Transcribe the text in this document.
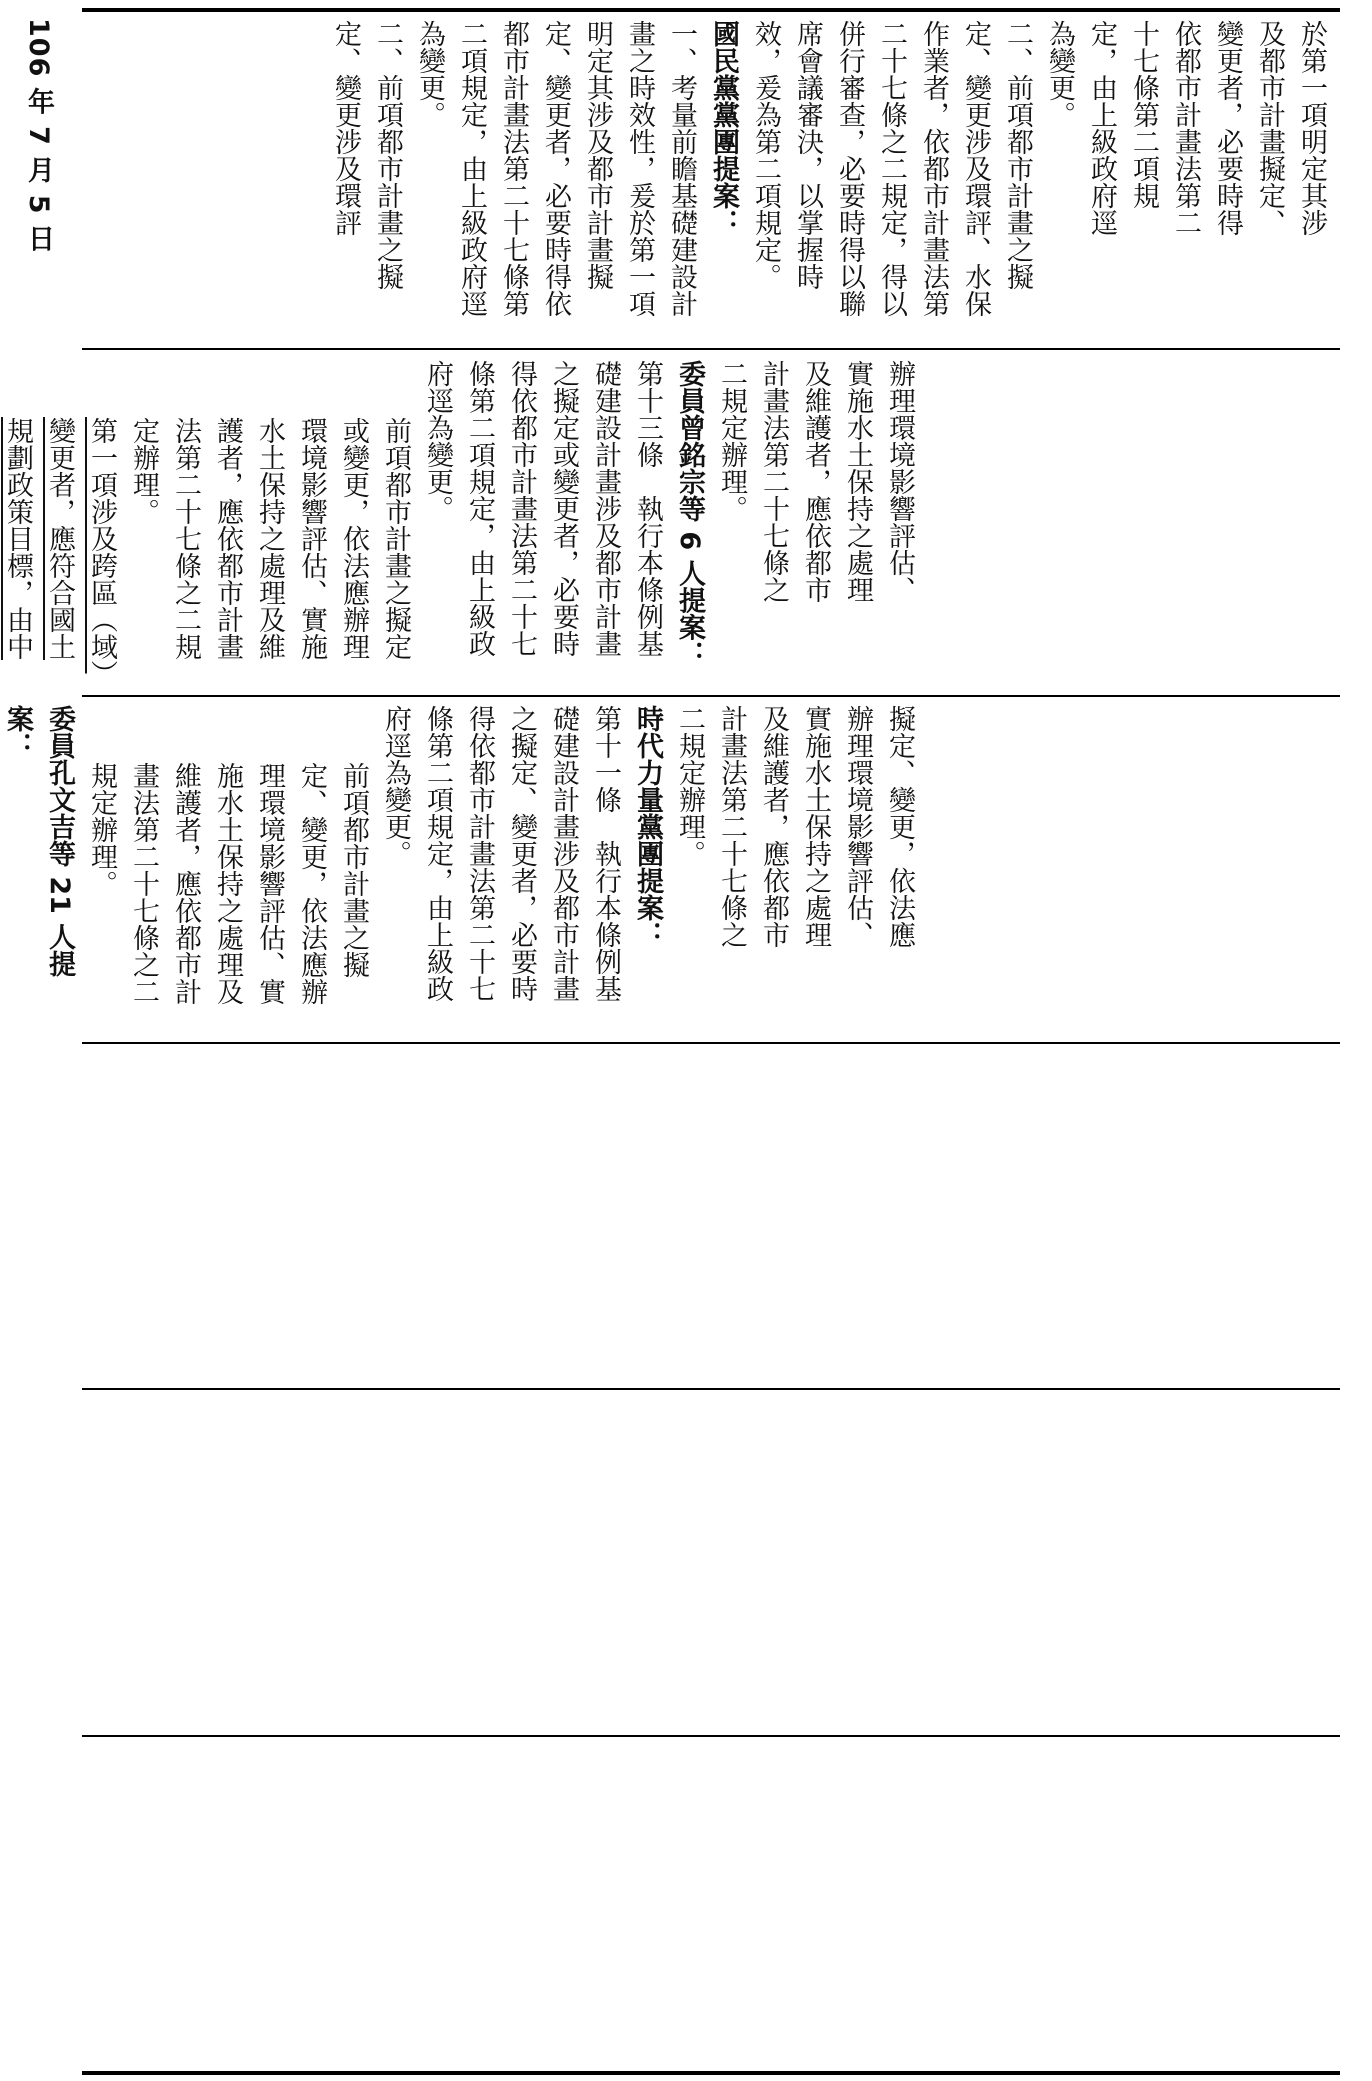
106 年 7 月 5 日	於第一項明定其涉

及都市計畫擬定、

變更者，必要時得

依都市計畫法第二

十七條第二項規

定，由上級政府逕

為變更。

二、前項都市計畫之擬定、變更涉及環評、水保作業者，依都市計畫法第二十七條之二規定，得以併行審查，必要時得以聯席會議審決，以掌握時效，爰為第二項規定。

國民黨黨團提案：

一、考量前瞻基礎建設計畫之時效性，爰於第一項明定其涉及都市計畫擬定、變更者，必要時得依都市計畫法第二十七條第二項規定，由上級政府逕為變更。

二、前項都市計畫之擬定、變更涉及環評

辦理環境影響評估、

實施水土保持之處理

及維護者，應依都市

計畫法第二十七條之

二規定辦理。

委員曾銘宗等 6 人提案：

第十三條　執行本條例基礎建設計畫涉及都市計畫之擬定或變更者，必要時得依都市計畫法第二十七條第二項規定，由上級政府逕為變更。

前項都市計畫之擬定或變更，依法應辦理環境影響評估、實施水土保持之處理及維護者，應依都市計畫法第二十七條之二規定辦理。

第一項涉及跨區（域）變更者，應符合國土規劃政策目標，由中

擬定、變更，依法應

辦理環境影響評估、

實施水土保持之處理

及維護者，應依都市

計畫法第二十七條之

二規定辦理。

時代力量黨團提案：

第十一條　執行本條例基礎建設計畫涉及都市計畫之擬定、變更者，必要時得依都市計畫法第二十七條第二項規定，由上級政府逕為變更。

前項都市計畫之擬定、變更，依法應辦理環境影響評估、實施水土保持之處理及維護者，應依都市計畫法第二十七條之二規定辦理。

委員孔文吉等 21 人提案：
